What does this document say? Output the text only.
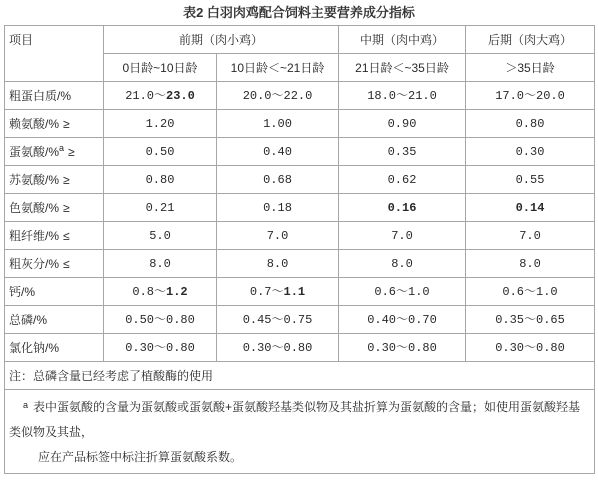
表2 白羽肉鸡配合饲料主要营养成分指标
项目	前期（肉小鸡）		中期（肉中鸡）	后期（肉大鸡）
	0日龄~10日龄	10日龄＜~21日龄	21日龄＜~35日龄	＞35日龄
粗蛋白质/%	21.0～23.0	20.0～22.0	18.0～21.0	17.0～20.0
赖氨酸/% ≥	1.20	1.00	0.90	0.80
蛋氨酸/%$^a$ ≥	0.50	0.40	0.35	0.30
苏氨酸/% ≥	0.80	0.68	0.62	0.55
色氨酸/% ≥	0.21	0.18	0.16	0.14
粗纤维/% ≤	5.0	7.0	7.0	7.0
粗灰分/% ≤	8.0	8.0	8.0	8.0
钙/%	0.8～1.2	0.7～1.1	0.6～1.0	0.6～1.0
总磷/%	0.50～0.80	0.45～0.75	0.40～0.70	0.35～0.65
氯化钠/%	0.30～0.80	0.30～0.80	0.30～0.80	0.30～0.80
注：总磷含量已经考虑了植酸酶的使用				

$^a$ 表中蛋氨酸的含量为蛋氨酸或蛋氨酸+蛋氨酸羟基类似物及其盐折算为蛋氨酸的含量；如使用蛋氨酸羟基类似物及其盐，

应在产品标签中标注折算蛋氨酸系数。				
